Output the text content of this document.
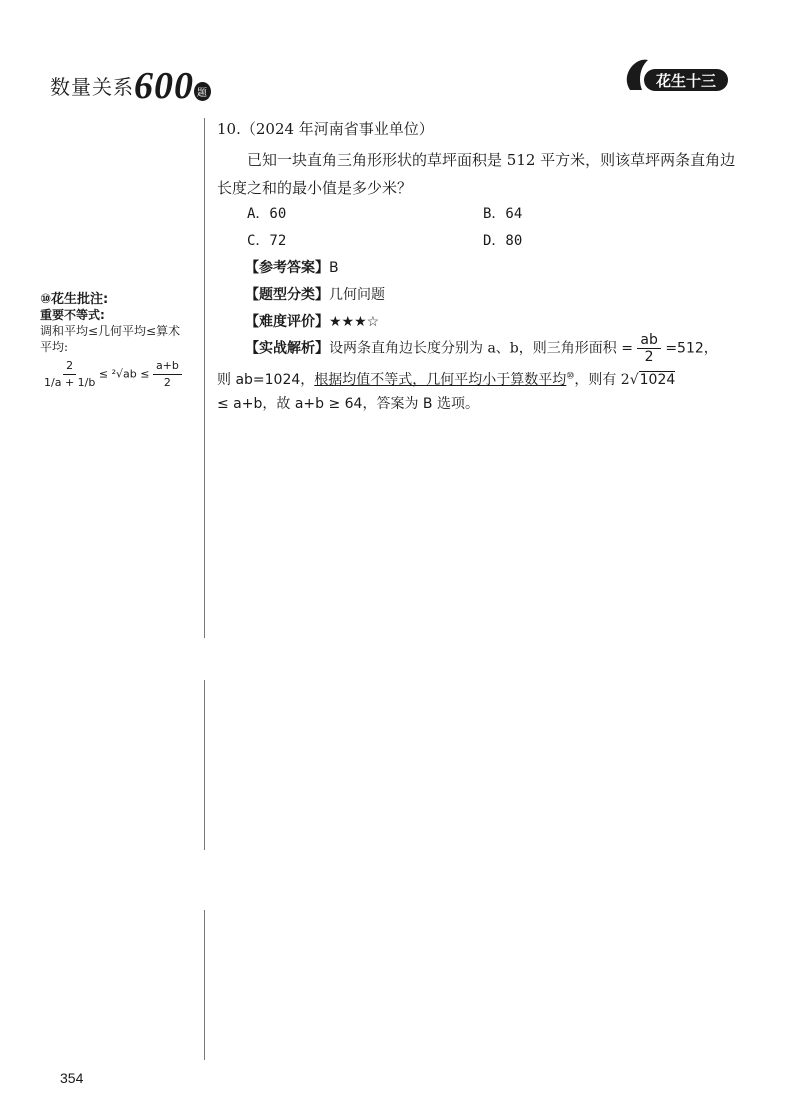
数量关系600 题
花生十三
10.（2024 年河南省事业单位）
已知一块直角三角形形状的草坪面积是 512 平方米，则该草坪两条直角边长度之和的最小值是多少米？
A．60	B．64
C．72	D．80
【参考答案】B
【题型分类】几何问题
【难度评价】★★★☆
【实战解析】设两条直角边长度分别为 a、b，则三角形面积 = $\frac{ab}{2} =512$，
则 ab=1024，根据均值不等式，几何平均小于算数平均⑩，则有 2√1024
≤ a+b，故 a+b ≥ 64，答案为 B 选项。
⑩花生批注:
重要不等式:
调和平均≤几何平均≤算术
平均:
$\frac{2}{1/a + 1/b} \le ^2√ab \le \frac{a+b}{2}$
354
